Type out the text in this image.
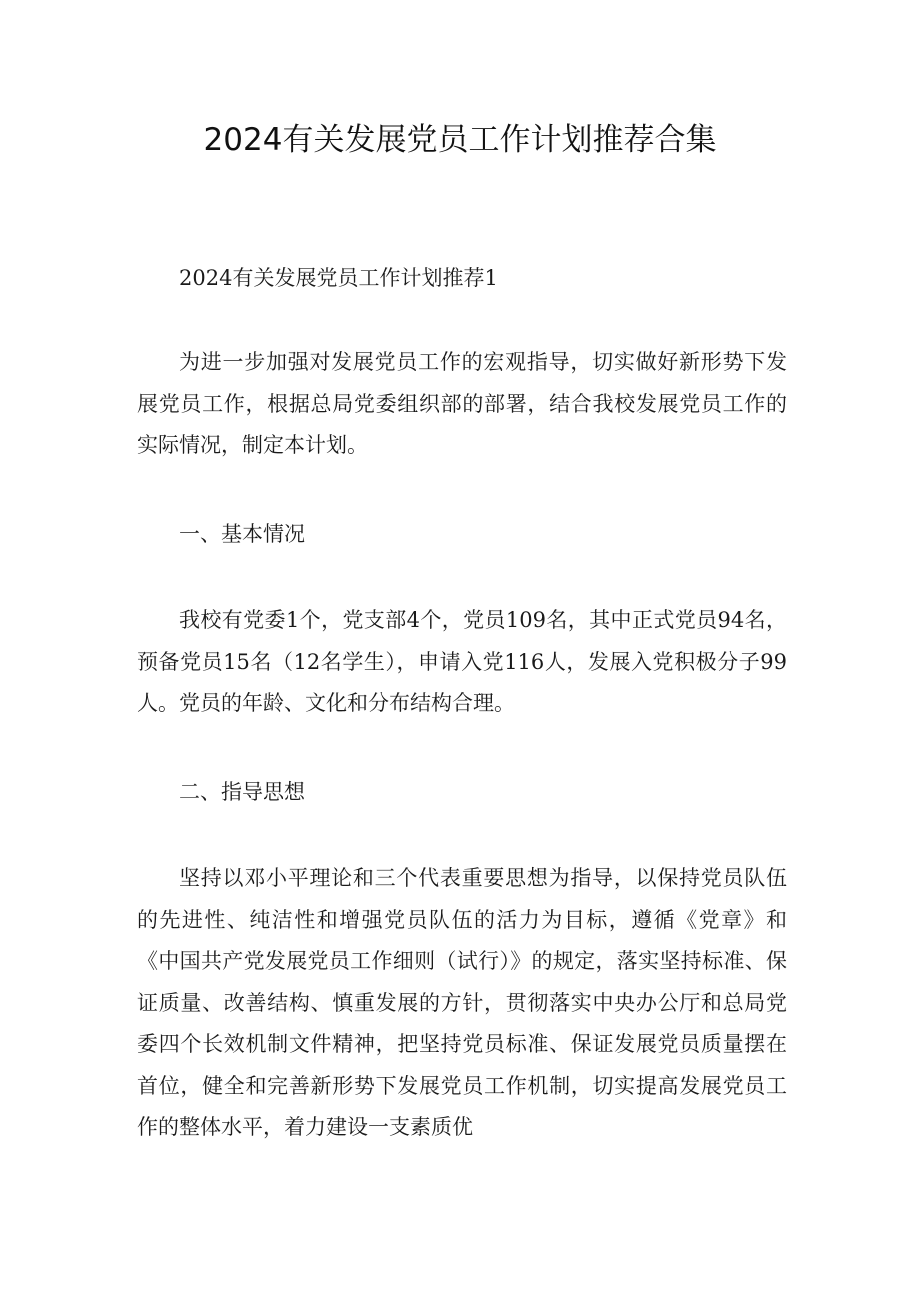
2024有关发展党员工作计划推荐合集

2024有关发展党员工作计划推荐1

为进一步加强对发展党员工作的宏观指导，切实做好新形势下发展党员工作，根据总局党委组织部的部署，结合我校发展党员工作的实际情况，制定本计划。

一、基本情况

我校有党委1个，党支部4个，党员109名，其中正式党员94名，预备党员15名（12名学生），申请入党116人，发展入党积极分子99人。党员的年龄、文化和分布结构合理。

二、指导思想

坚持以邓小平理论和三个代表重要思想为指导，以保持党员队伍的先进性、纯洁性和增强党员队伍的活力为目标，遵循《党章》和《中国共产党发展党员工作细则（试行）》的规定，落实坚持标准、保证质量、改善结构、慎重发展的方针，贯彻落实中央办公厅和总局党委四个长效机制文件精神，把坚持党员标准、保证发展党员质量摆在首位，健全和完善新形势下发展党员工作机制，切实提高发展党员工作的整体水平，着力建设一支素质优
